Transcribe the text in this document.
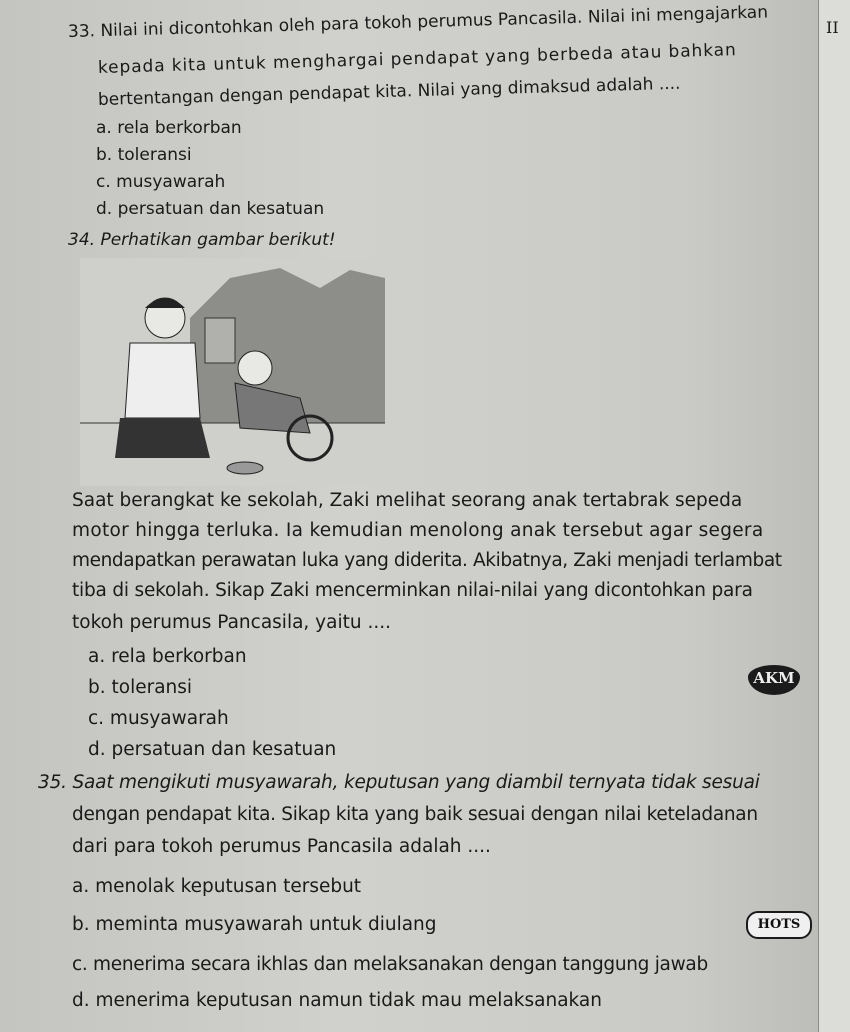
II
33. Nilai ini dicontohkan oleh para tokoh perumus Pancasila. Nilai ini mengajarkan
kepada kita untuk menghargai pendapat yang berbeda atau bahkan
bertentangan dengan pendapat kita. Nilai yang dimaksud adalah ....
a. rela berkorban
b. toleransi
c. musyawarah
d. persatuan dan kesatuan
34. Perhatikan gambar berikut!
Saat berangkat ke sekolah, Zaki melihat seorang anak tertabrak sepeda
motor hingga terluka. Ia kemudian menolong anak tersebut agar segera
mendapatkan perawatan luka yang diderita. Akibatnya, Zaki menjadi terlambat
tiba di sekolah. Sikap Zaki mencerminkan nilai-nilai yang dicontohkan para
tokoh perumus Pancasila, yaitu ....
a. rela berkorban
b. toleransi
c. musyawarah
d. persatuan dan kesatuan
AKM
35. Saat mengikuti musyawarah, keputusan yang diambil ternyata tidak sesuai
dengan pendapat kita. Sikap kita yang baik sesuai dengan nilai keteladanan
dari para tokoh perumus Pancasila adalah ....
a. menolak keputusan tersebut
b. meminta musyawarah untuk diulang
c. menerima secara ikhlas dan melaksanakan dengan tanggung jawab
d. menerima keputusan namun tidak mau melaksanakan
HOTS
